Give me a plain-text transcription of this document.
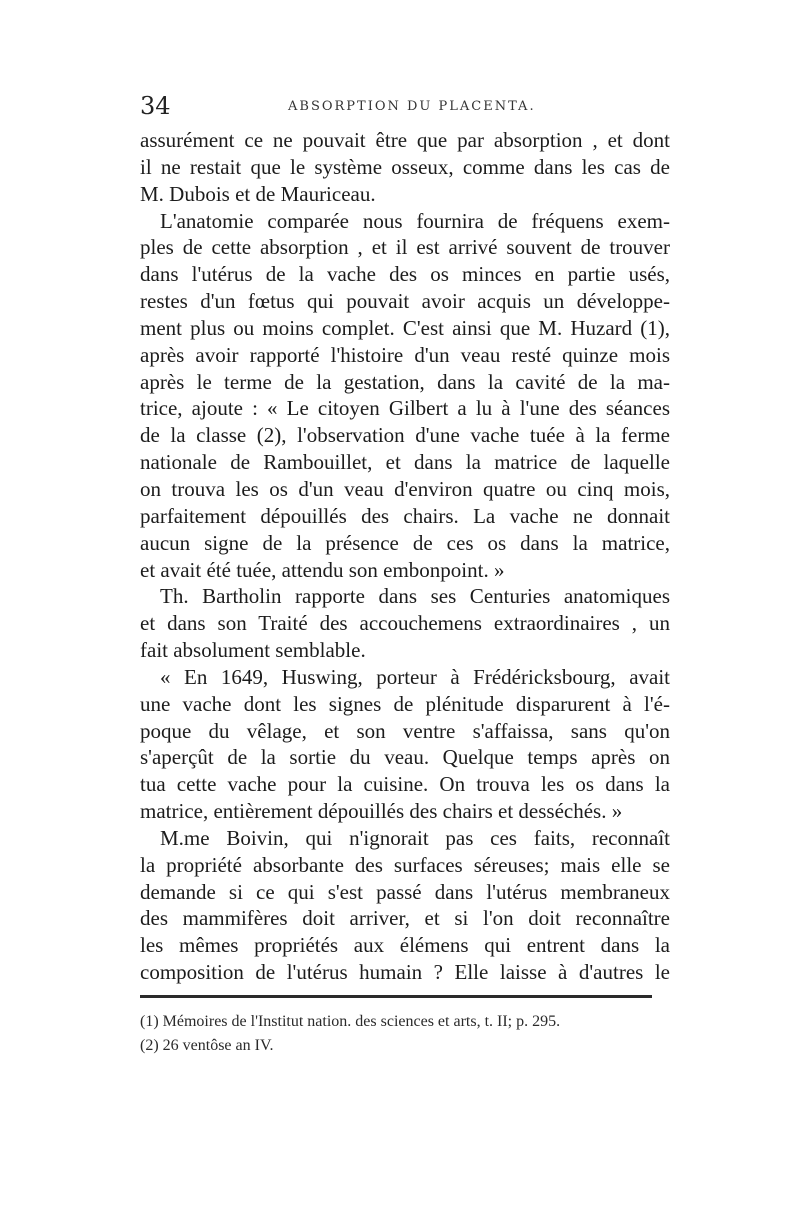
34	ABSORPTION DU PLACENTA.
assurément ce ne pouvait être que par absorption , et dont
il ne restait que le système osseux, comme dans les cas de
M. Dubois et de Mauriceau.
L'anatomie comparée nous fournira de fréquens exem-
ples de cette absorption , et il est arrivé souvent de trouver
dans l'utérus de la vache des os minces en partie usés,
restes d'un fœtus qui pouvait avoir acquis un développe-
ment plus ou moins complet. C'est ainsi que M. Huzard (1),
après avoir rapporté l'histoire d'un veau resté quinze mois
après le terme de la gestation, dans la cavité de la ma-
trice, ajoute : « Le citoyen Gilbert a lu à l'une des séances
de la classe (2), l'observation d'une vache tuée à la ferme
nationale de Rambouillet, et dans la matrice de laquelle
on trouva les os d'un veau d'environ quatre ou cinq mois,
parfaitement dépouillés des chairs. La vache ne donnait
aucun signe de la présence de ces os dans la matrice,
et avait été tuée, attendu son embonpoint. »
Th. Bartholin rapporte dans ses Centuries anatomiques
et dans son Traité des accouchemens extraordinaires , un
fait absolument semblable.
« En 1649, Huswing, porteur à Frédéricksbourg, avait
une vache dont les signes de plénitude disparurent à l'é-
poque du vêlage, et son ventre s'affaissa, sans qu'on
s'aperçût de la sortie du veau. Quelque temps après on
tua cette vache pour la cuisine. On trouva les os dans la
matrice, entièrement dépouillés des chairs et desséchés. »
M.me Boivin, qui n'ignorait pas ces faits, reconnaît
la propriété absorbante des surfaces séreuses; mais elle se
demande si ce qui s'est passé dans l'utérus membraneux
des mammifères doit arriver, et si l'on doit reconnaître
les mêmes propriétés aux élémens qui entrent dans la
composition de l'utérus humain ? Elle laisse à d'autres le
(1) Mémoires de l'Institut nation. des sciences et arts, t. II; p. 295.
(2) 26 ventôse an IV.
